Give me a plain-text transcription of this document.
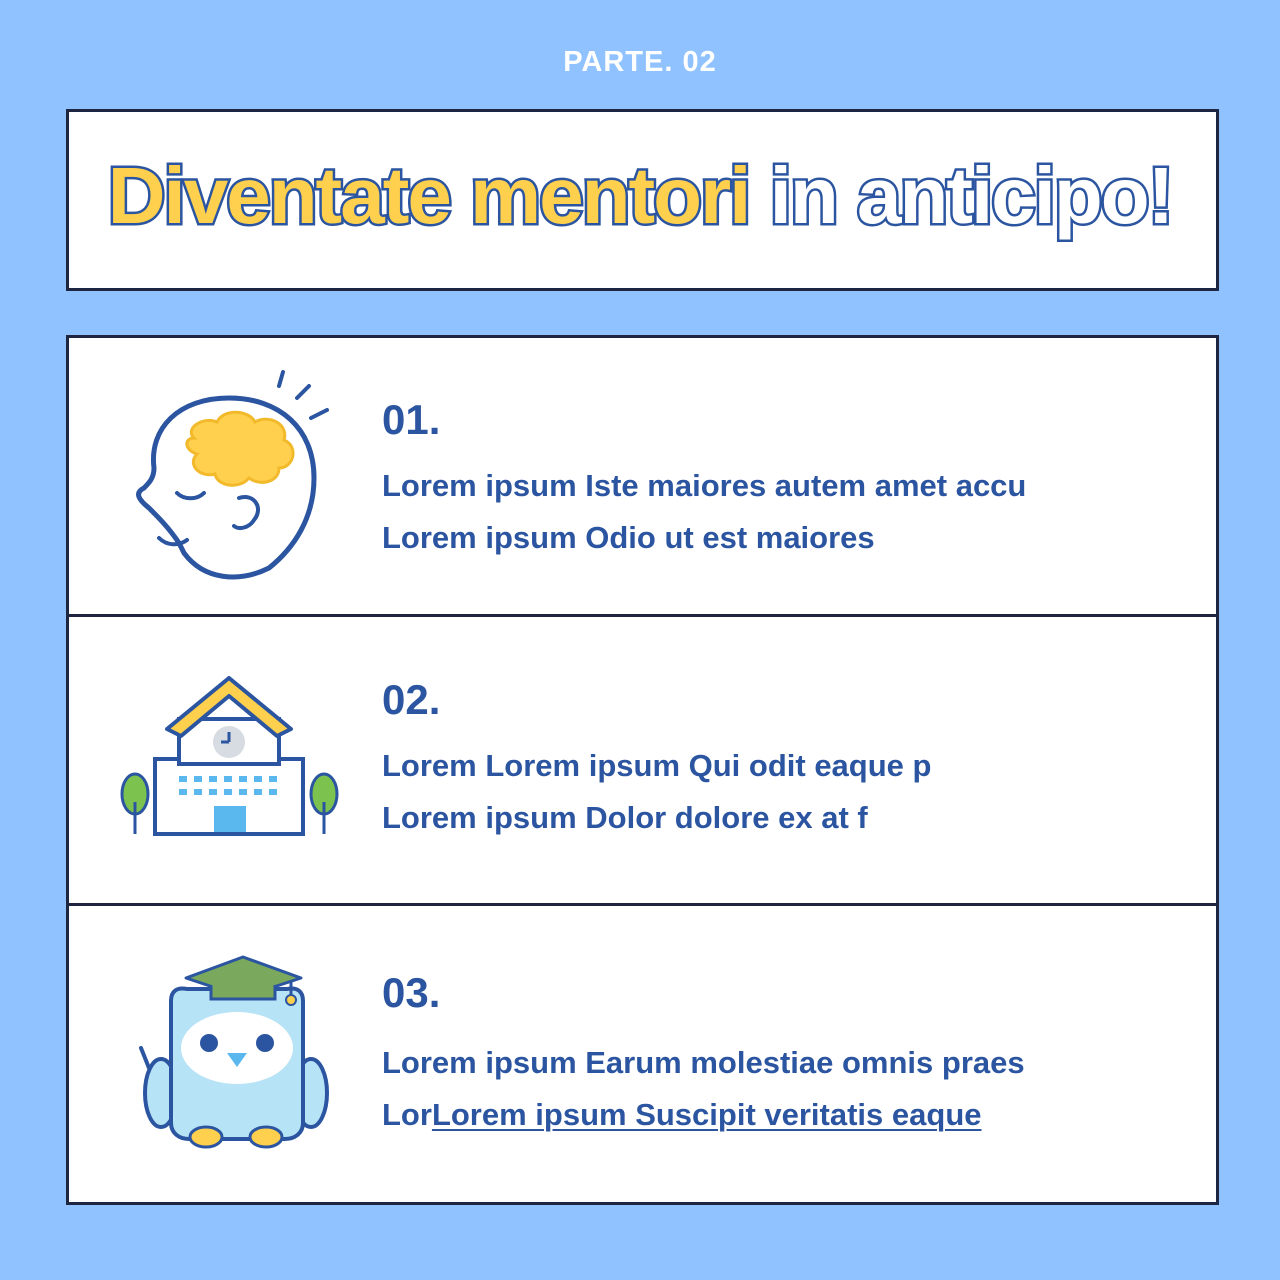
PARTE. 02
Diventate mentori in anticipo!
01.
Lorem ipsum Iste maiores autem amet accu
Lorem ipsum Odio ut est maiores
02.
Lorem Lorem ipsum Qui odit eaque p
Lorem ipsum Dolor dolore ex at f
03.
Lorem ipsum Earum molestiae omnis praes
LorLorem ipsum Suscipit veritatis eaque
